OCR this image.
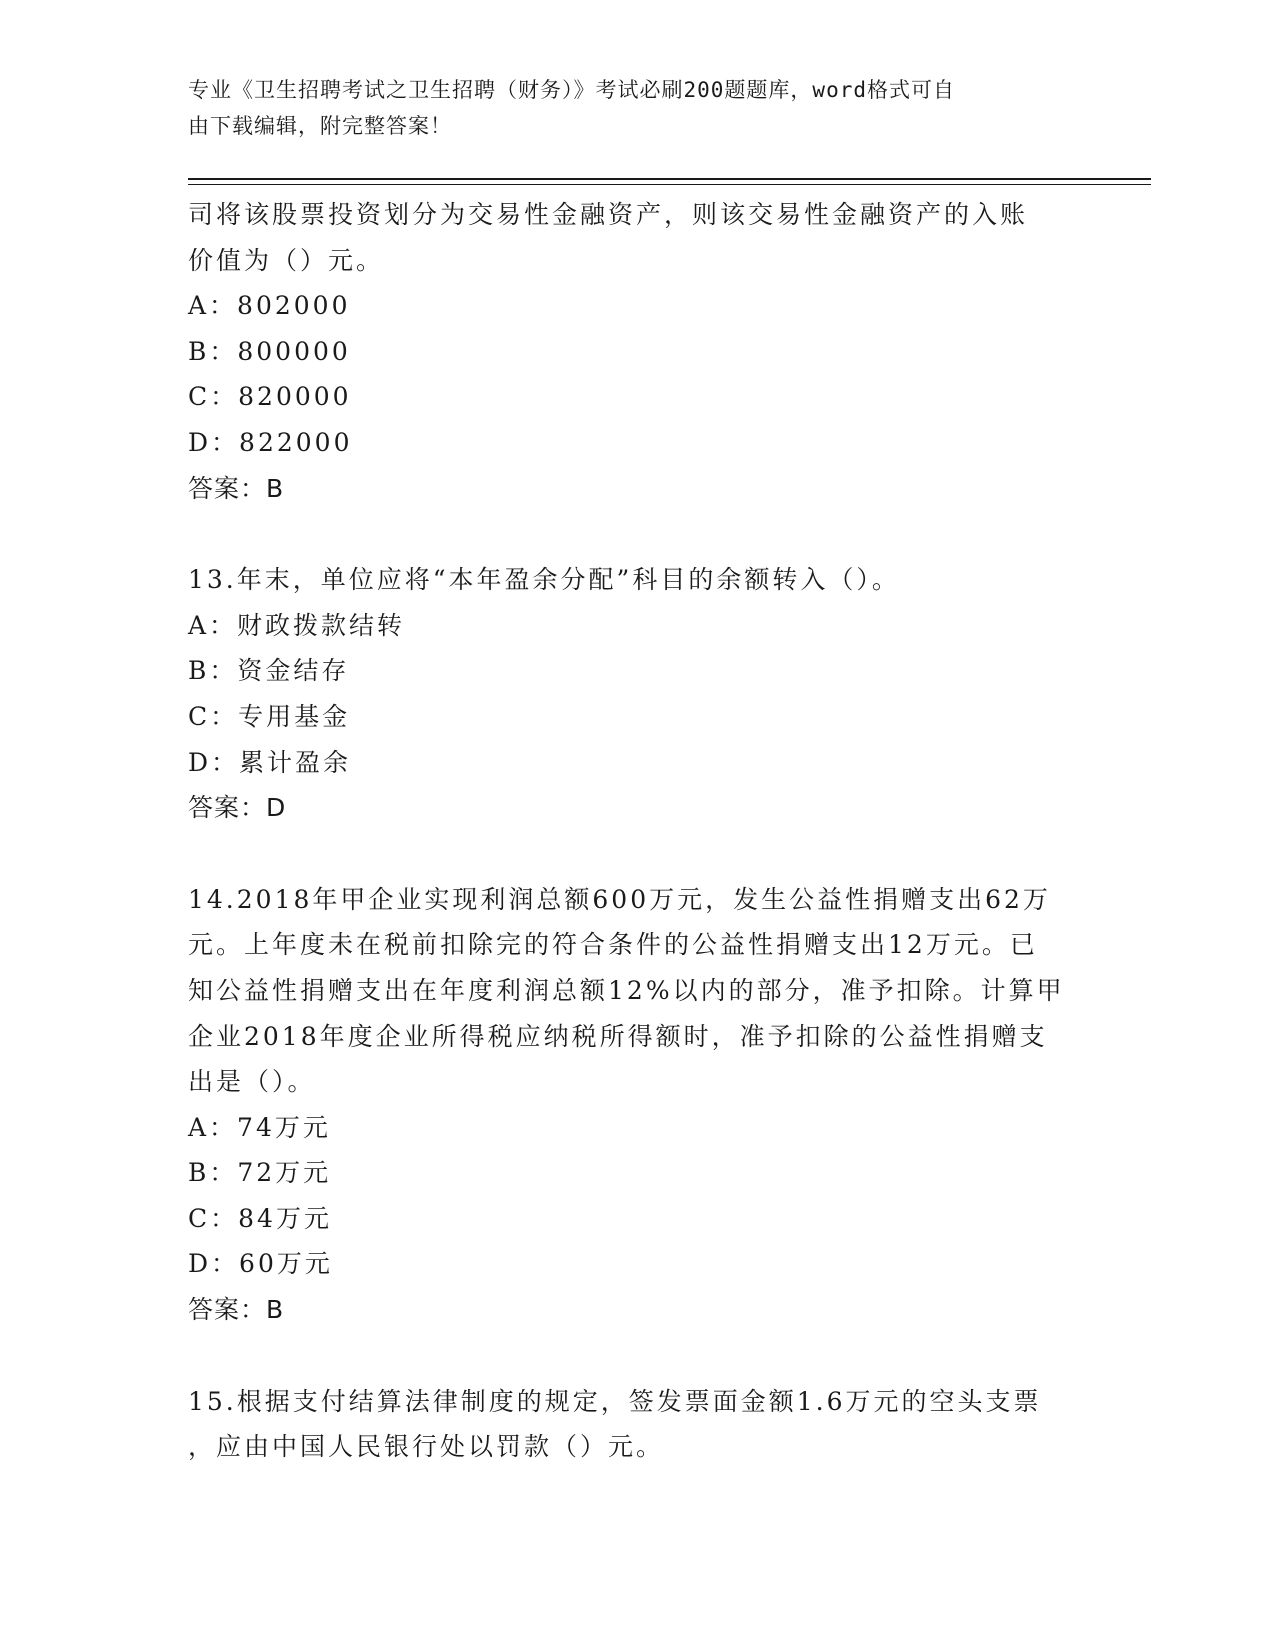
专业《卫生招聘考试之卫生招聘（财务）》考试必刷200题题库，word格式可自
由下载编辑，附完整答案！
司将该股票投资划分为交易性金融资产，则该交易性金融资产的入账
价值为（）元。
A：802000
B：800000
C：820000
D：822000
答案：B
13.年末，单位应将“本年盈余分配”科目的余额转入（）。
A：财政拨款结转
B：资金结存
C：专用基金
D：累计盈余
答案：D
14.2018年甲企业实现利润总额600万元，发生公益性捐赠支出62万
元。上年度未在税前扣除完的符合条件的公益性捐赠支出12万元。已
知公益性捐赠支出在年度利润总额12%以内的部分，准予扣除。计算甲
企业2018年度企业所得税应纳税所得额时，准予扣除的公益性捐赠支
出是（）。
A：74万元
B：72万元
C：84万元
D：60万元
答案：B
15.根据支付结算法律制度的规定，签发票面金额1.6万元的空头支票
，应由中国人民银行处以罚款（）元。
